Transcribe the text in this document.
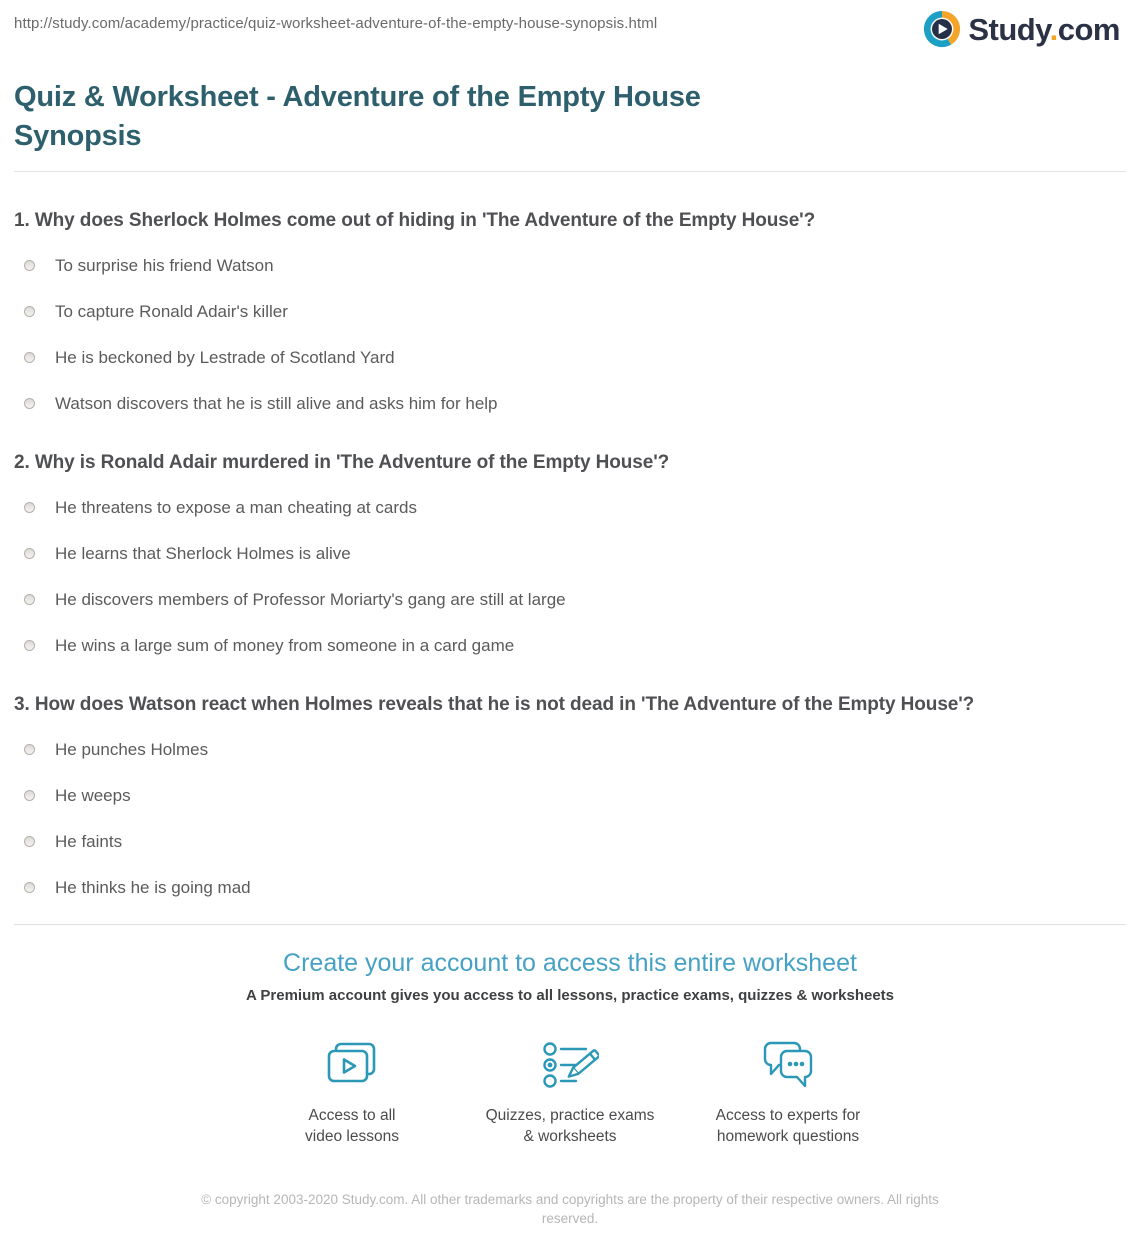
http://study.com/academy/practice/quiz-worksheet-adventure-of-the-empty-house-synopsis.html	Study.com
Quiz & Worksheet - Adventure of the Empty House Synopsis
1. Why does Sherlock Holmes come out of hiding in 'The Adventure of the Empty House'?
To surprise his friend Watson
To capture Ronald Adair's killer
He is beckoned by Lestrade of Scotland Yard
Watson discovers that he is still alive and asks him for help
2. Why is Ronald Adair murdered in 'The Adventure of the Empty House'?
He threatens to expose a man cheating at cards
He learns that Sherlock Holmes is alive
He discovers members of Professor Moriarty's gang are still at large
He wins a large sum of money from someone in a card game
3. How does Watson react when Holmes reveals that he is not dead in 'The Adventure of the Empty House'?
He punches Holmes
He weeps
He faints
He thinks he is going mad
Create your account to access this entire worksheet
A Premium account gives you access to all lessons, practice exams, quizzes & worksheets
Access to all
video lessons
Quizzes, practice exams
& worksheets
Access to experts for
homework questions

© copyright 2003-2020 Study.com. All other trademarks and copyrights are the property of their respective owners. All rights reserved.
